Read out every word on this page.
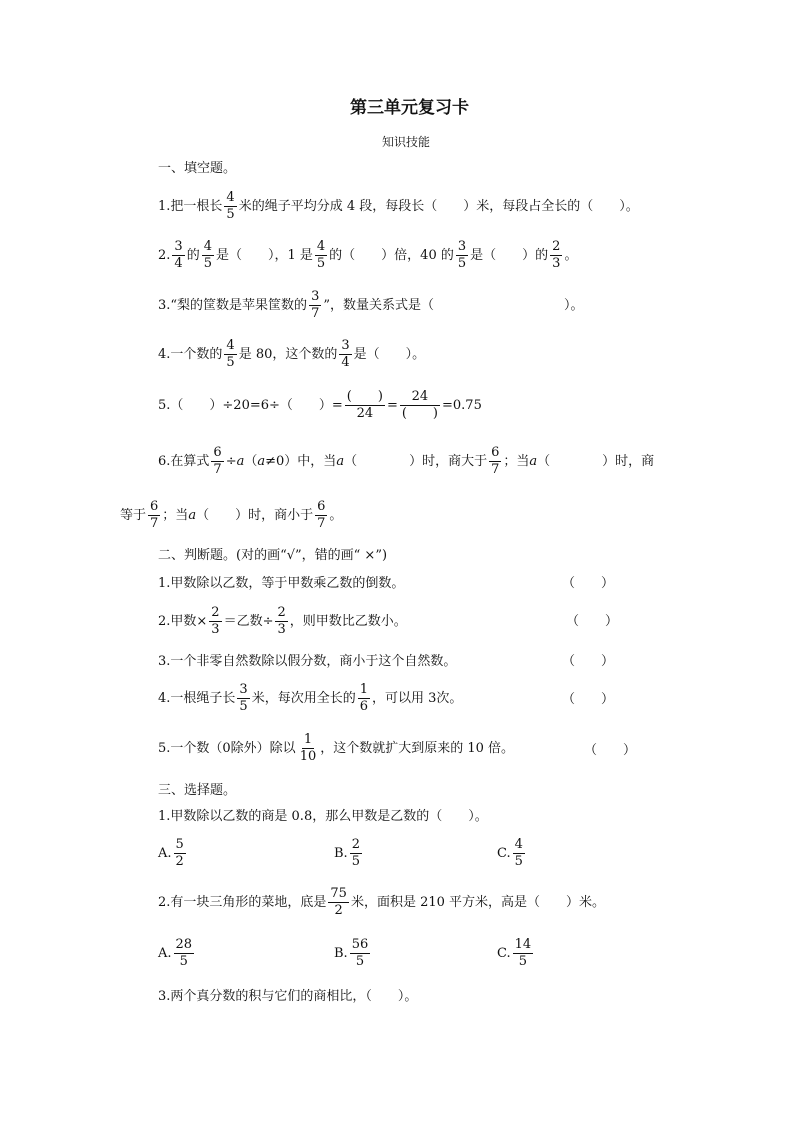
第三单元复习卡
知识技能
一、填空题。
1.把一根长 $\frac{4}{5}$ 米的绳子平均分成 4 段，每段长（　　）米，每段占全长的（　　）。
2. $\frac{3}{4}$ 的 $\frac{4}{5}$ 是（　　），1 是 $\frac{4}{5}$ 的（　　）倍，40 的 $\frac{3}{5}$ 是（　　）的 $\frac{2}{3}$ 。
3.“梨的筐数是苹果筐数的 $\frac{3}{7}$ ”，数量关系式是（　　　　　　　　　　）。
4.一个数的 $\frac{4}{5}$ 是 80，这个数的 $\frac{3}{4}$ 是（　　）。
5.（　　）÷20=6÷（　　）= $\frac{( )}{24} = \frac{24}{( )} =0.75$
6.在算式 $\frac{6}{7} \div a$ （ a ≠0）中，当 a （　　　　）时，商大于 $\frac{6}{7}$ ；当 a （　　　　）时，商
等于 $\frac{6}{7}$ ；当 a （　　）时，商小于 $\frac{6}{7}$ 。
二、判断题。(对的画“√”，错的画“ ×”)
1.甲数除以乙数，等于甲数乘乙数的倒数。	（　　）
2.甲数× $\frac{2}{3}$ ＝乙数÷ $\frac{2}{3}$ ，则甲数比乙数小。	（　　）
3.一个非零自然数除以假分数，商小于这个自然数。	（　　）
4.一根绳子长 $\frac{3}{5}$ 米，每次用全长的 $\frac{1}{6}$ ，可以用 3次。	（　　）
5.一个数（0除外）除以 $\frac{1}{10}$ ，这个数就扩大到原来的 10 倍。	（　　）
三、选择题。
1.甲数除以乙数的商是 0.8，那么甲数是乙数的（　　）。
A. $\frac{5}{2}$	B. $\frac{2}{5}$	C. $\frac{4}{5}$
2.有一块三角形的菜地，底是 $\frac{75}{2}$ 米，面积是 210 平方米，高是（　　）米。
A. $\frac{28}{5}$	B. $\frac{56}{5}$	C. $\frac{14}{5}$
3.两个真分数的积与它们的商相比，（　　）。
